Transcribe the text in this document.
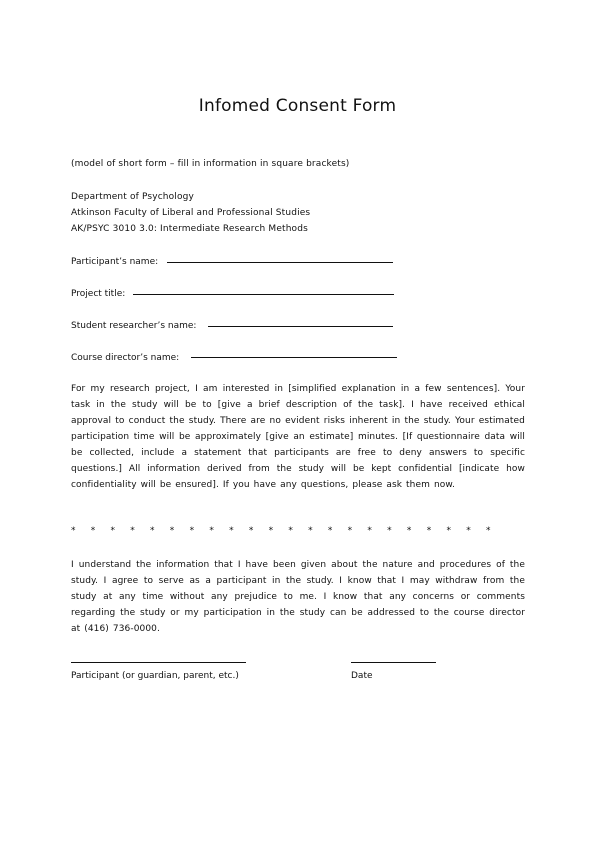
Infomed Consent Form
(model of short form – fill in information in square brackets)
Department of Psychology
Atkinson Faculty of Liberal and Professional Studies
AK/PSYC 3010 3.0: Intermediate Research Methods
Participant’s name:
Project title:
Student researcher’s name:
Course director’s name:
For my research project, I am interested in [simplified explanation in a few sentences]. Your task in the study will be to [give a brief description of the task]. I have received ethical approval to conduct the study. There are no evident risks inherent in the study. Your estimated participation time will be approximately [give an estimate] minutes. [If questionnaire data will be collected, include a statement that participants are free to deny answers to specific questions.] All information derived from the study will be kept confidential [indicate how confidentiality will be ensured]. If you have any questions, please ask them now.
* * * * * * * * * * * * * * * * * * * * * *
I understand the information that I have been given about the nature and procedures of the study. I agree to serve as a participant in the study. I know that I may withdraw from the study at any time without any prejudice to me. I know that any concerns or comments regarding the study or my participation in the study can be addressed to the course director at (416) 736-0000.
Participant (or guardian, parent, etc.)	Date
